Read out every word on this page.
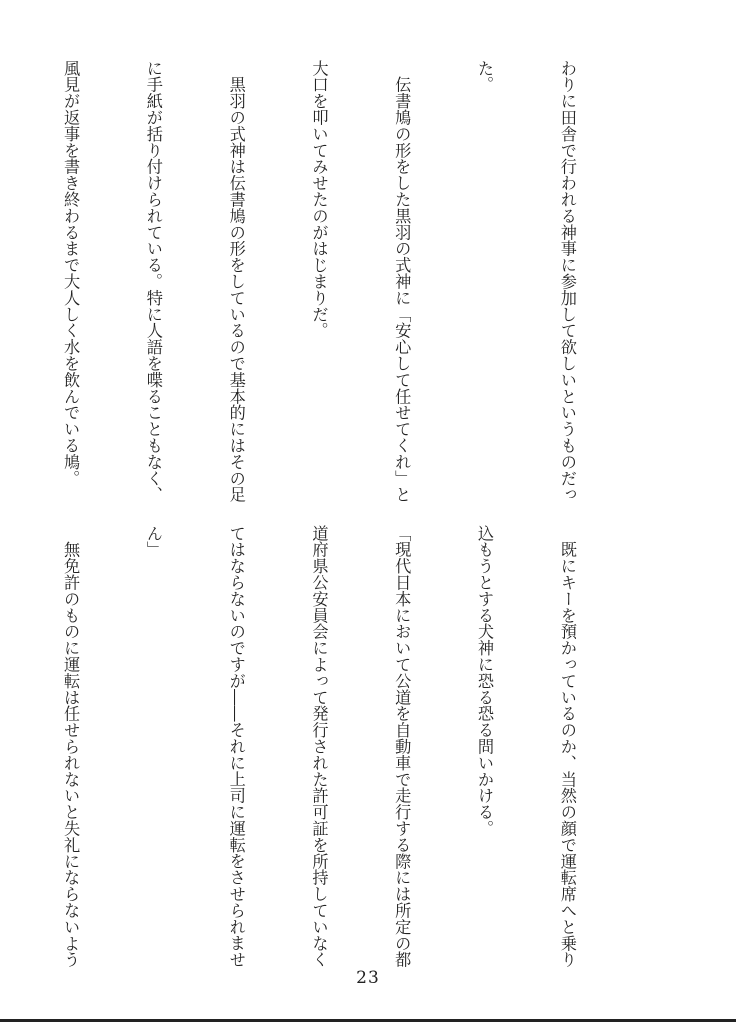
わりに田舎で行われる神事に参加して欲しいというものだっ

た。

　伝書鳩の形をした黒羽の式神に「安心して任せてくれ」と

大口を叩いてみせたのがはじまりだ。

　黒羽の式神は伝書鳩の形をしているので基本的にはその足

に手紙が括り付けられている。特に人語を喋ることもなく、

風見が返事を書き終わるまで大人しく水を飲んでいる鳩。

　既にキーを預かっているのか、当然の顔で運転席へと乗り

込もうとする犬神に恐る恐る問いかける。

「現代日本において公道を自動車で走行する際には所定の都

道府県公安員会によって発行された許可証を所持していなく

てはならないのですが――それに上司に運転をさせられませ

ん」

　無免許のものに運転は任せられないと失礼にならないよう

23
